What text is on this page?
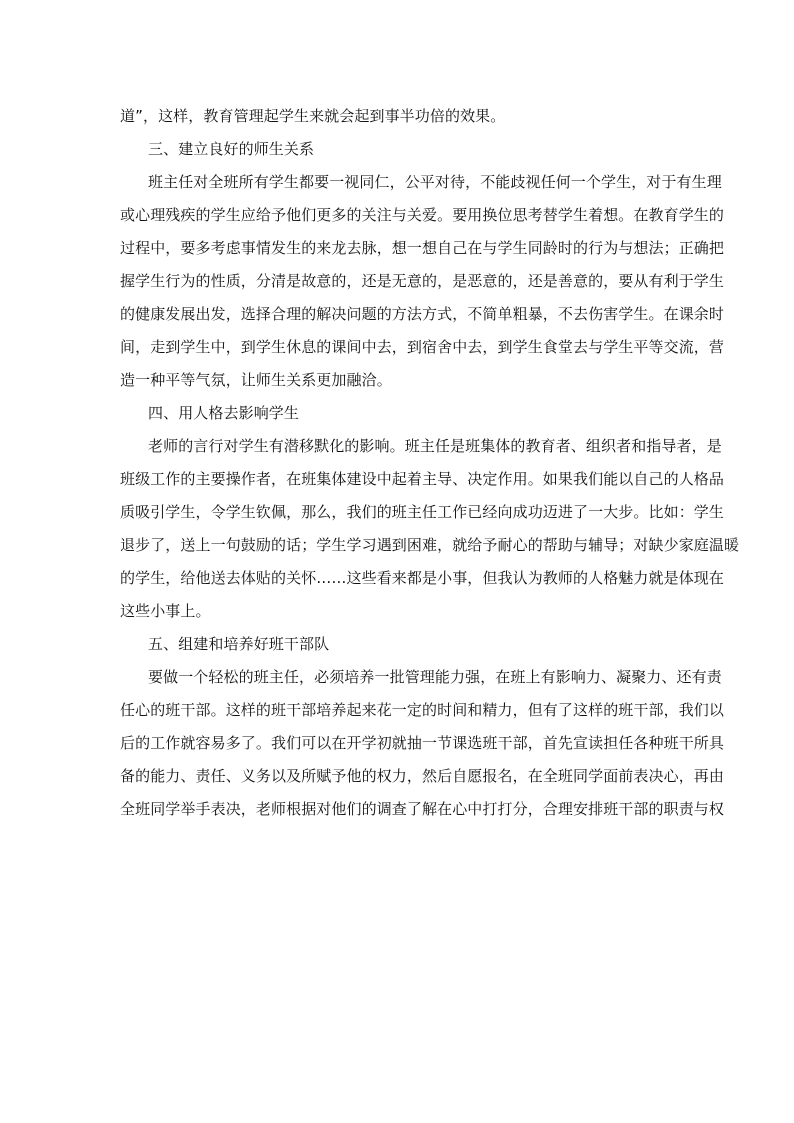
道”，这样，教育管理起学生来就会起到事半功倍的效果。
三、建立良好的师生关系
班主任对全班所有学生都要一视同仁，公平对待，不能歧视任何一个学生，对于有生理
或心理残疾的学生应给予他们更多的关注与关爱。要用换位思考替学生着想。在教育学生的
过程中，要多考虑事情发生的来龙去脉，想一想自己在与学生同龄时的行为与想法；正确把
握学生行为的性质，分清是故意的，还是无意的，是恶意的，还是善意的，要从有利于学生
的健康发展出发，选择合理的解决问题的方法方式，不简单粗暴，不去伤害学生。在课余时
间，走到学生中，到学生休息的课间中去，到宿舍中去，到学生食堂去与学生平等交流，营
造一种平等气氛，让师生关系更加融洽。
四、用人格去影响学生
老师的言行对学生有潜移默化的影响。班主任是班集体的教育者、组织者和指导者，是
班级工作的主要操作者，在班集体建设中起着主导、决定作用。如果我们能以自己的人格品
质吸引学生，令学生钦佩，那么，我们的班主任工作已经向成功迈进了一大步。比如：学生
退步了，送上一句鼓励的话；学生学习遇到困难，就给予耐心的帮助与辅导；对缺少家庭温暖
的学生，给他送去体贴的关怀……这些看来都是小事，但我认为教师的人格魅力就是体现在
这些小事上。
五、组建和培养好班干部队
要做一个轻松的班主任，必须培养一批管理能力强，在班上有影响力、凝聚力、还有责
任心的班干部。这样的班干部培养起来花一定的时间和精力，但有了这样的班干部，我们以
后的工作就容易多了。我们可以在开学初就抽一节课选班干部，首先宣读担任各种班干所具
备的能力、责任、义务以及所赋予他的权力，然后自愿报名，在全班同学面前表决心，再由
全班同学举手表决，老师根据对他们的调查了解在心中打打分，合理安排班干部的职责与权
